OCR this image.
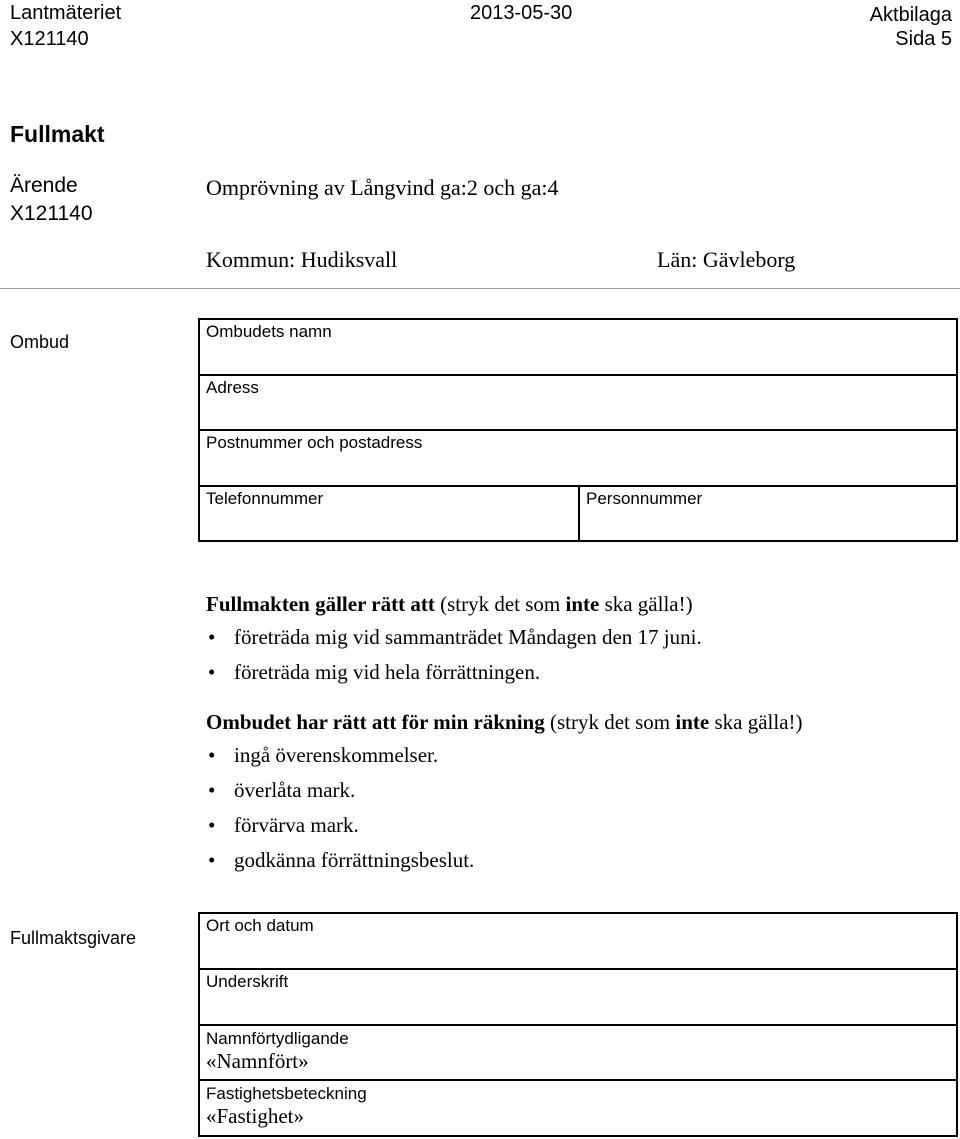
Lantmäteriet
X121140
2013-05-30	Aktbilaga
Sida 5
Fullmakt
Ärende
X121140
Omprövning av Långvind ga:2 och ga:4
Kommun: Hudiksvall	Län: Gävleborg
Ombud
Ombudets namn
Adress
Postnummer och postadress
Telefonnummer	Personnummer
Fullmakten gäller rätt att (stryk det som inte ska gälla!)
• företräda mig vid sammanträdet Måndagen den 17 juni.
• företräda mig vid hela förrättningen.
Ombudet har rätt att för min räkning (stryk det som inte ska gälla!)
• ingå överenskommelser.
• överlåta mark.
• förvärva mark.
• godkänna förrättningsbeslut.
Fullmaktsgivare
Ort och datum
Underskrift

Namnförtydligande
«Namnfört»

Fastighetsbeteckning
«Fastighet»
